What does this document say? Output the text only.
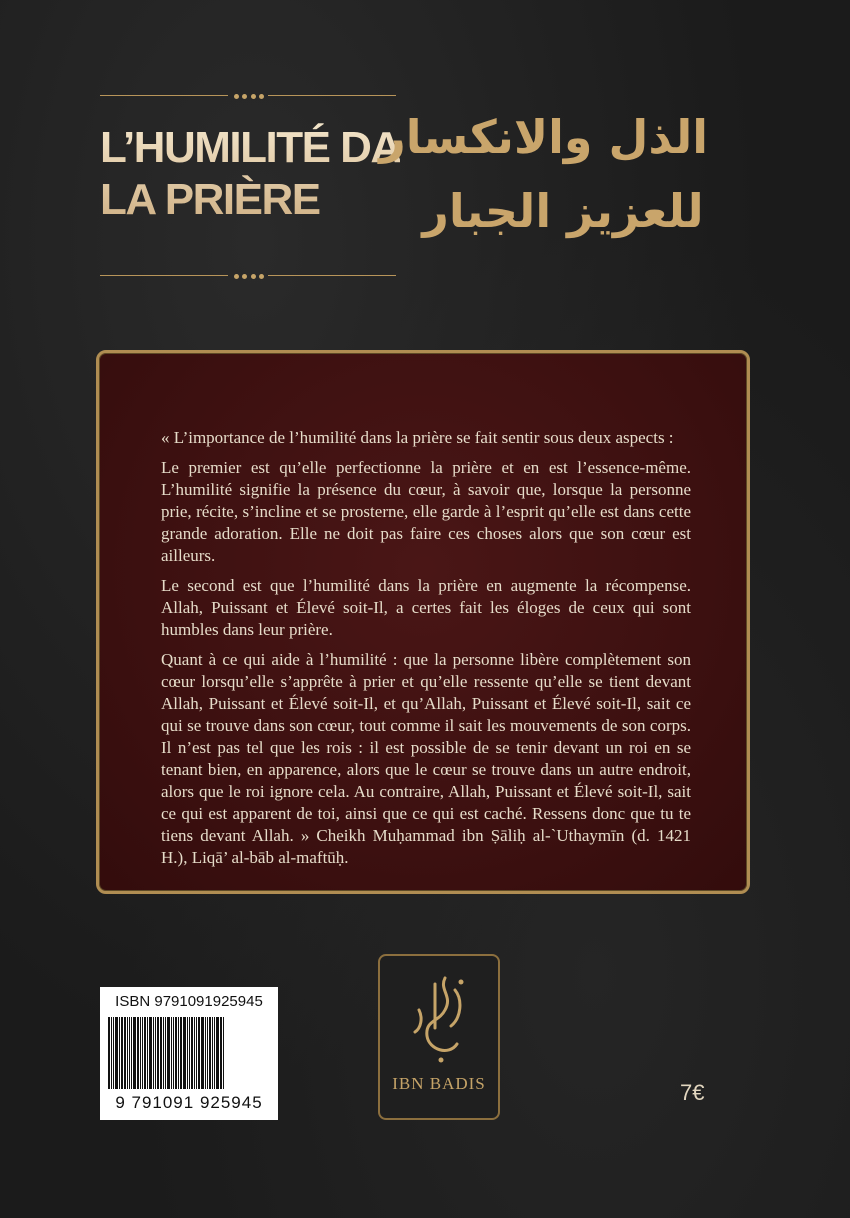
L’HUMILITÉ DANS
LA PRIÈRE
الذل والانكسار
للعزيز الجبار

« L’importance de l’humilité dans la prière se fait sentir sous deux aspects :

Le premier est qu’elle perfectionne la prière et en est l’essence-même. L’humilité signifie la présence du cœur, à savoir que, lorsque la personne prie, récite, s’incline et se prosterne, elle garde à l’esprit qu’elle est dans cette grande adoration. Elle ne doit pas faire ces choses alors que son cœur est ailleurs.

Le second est que l’humilité dans la prière en augmente la récompense. Allah, Puissant et Élevé soit-Il, a certes fait les éloges de ceux qui sont humbles dans leur prière.

Quant à ce qui aide à l’humilité : que la personne libère complètement son cœur lorsqu’elle s’apprête à prier et qu’elle ressente qu’elle se tient devant Allah, Puissant et Élevé soit-Il, et qu’Allah, Puissant et Élevé soit-Il, sait ce qui se trouve dans son cœur, tout comme il sait les mouvements de son corps. Il n’est pas tel que les rois : il est possible de se tenir devant un roi en se tenant bien, en apparence, alors que le cœur se trouve dans un autre endroit, alors que le roi ignore cela. Au contraire, Allah, Puissant et Élevé soit-Il, sait ce qui est apparent de toi, ainsi que ce qui est caché. Ressens donc que tu te tiens devant Allah. » Cheikh Muḥammad ibn Ṣāliḥ al-`Uthaymīn (d. 1421 H.), Liqā’ al-bāb al-maftūḥ.

ISBN 9791091925945
9 791091 925945
IBN BADIS	7€
